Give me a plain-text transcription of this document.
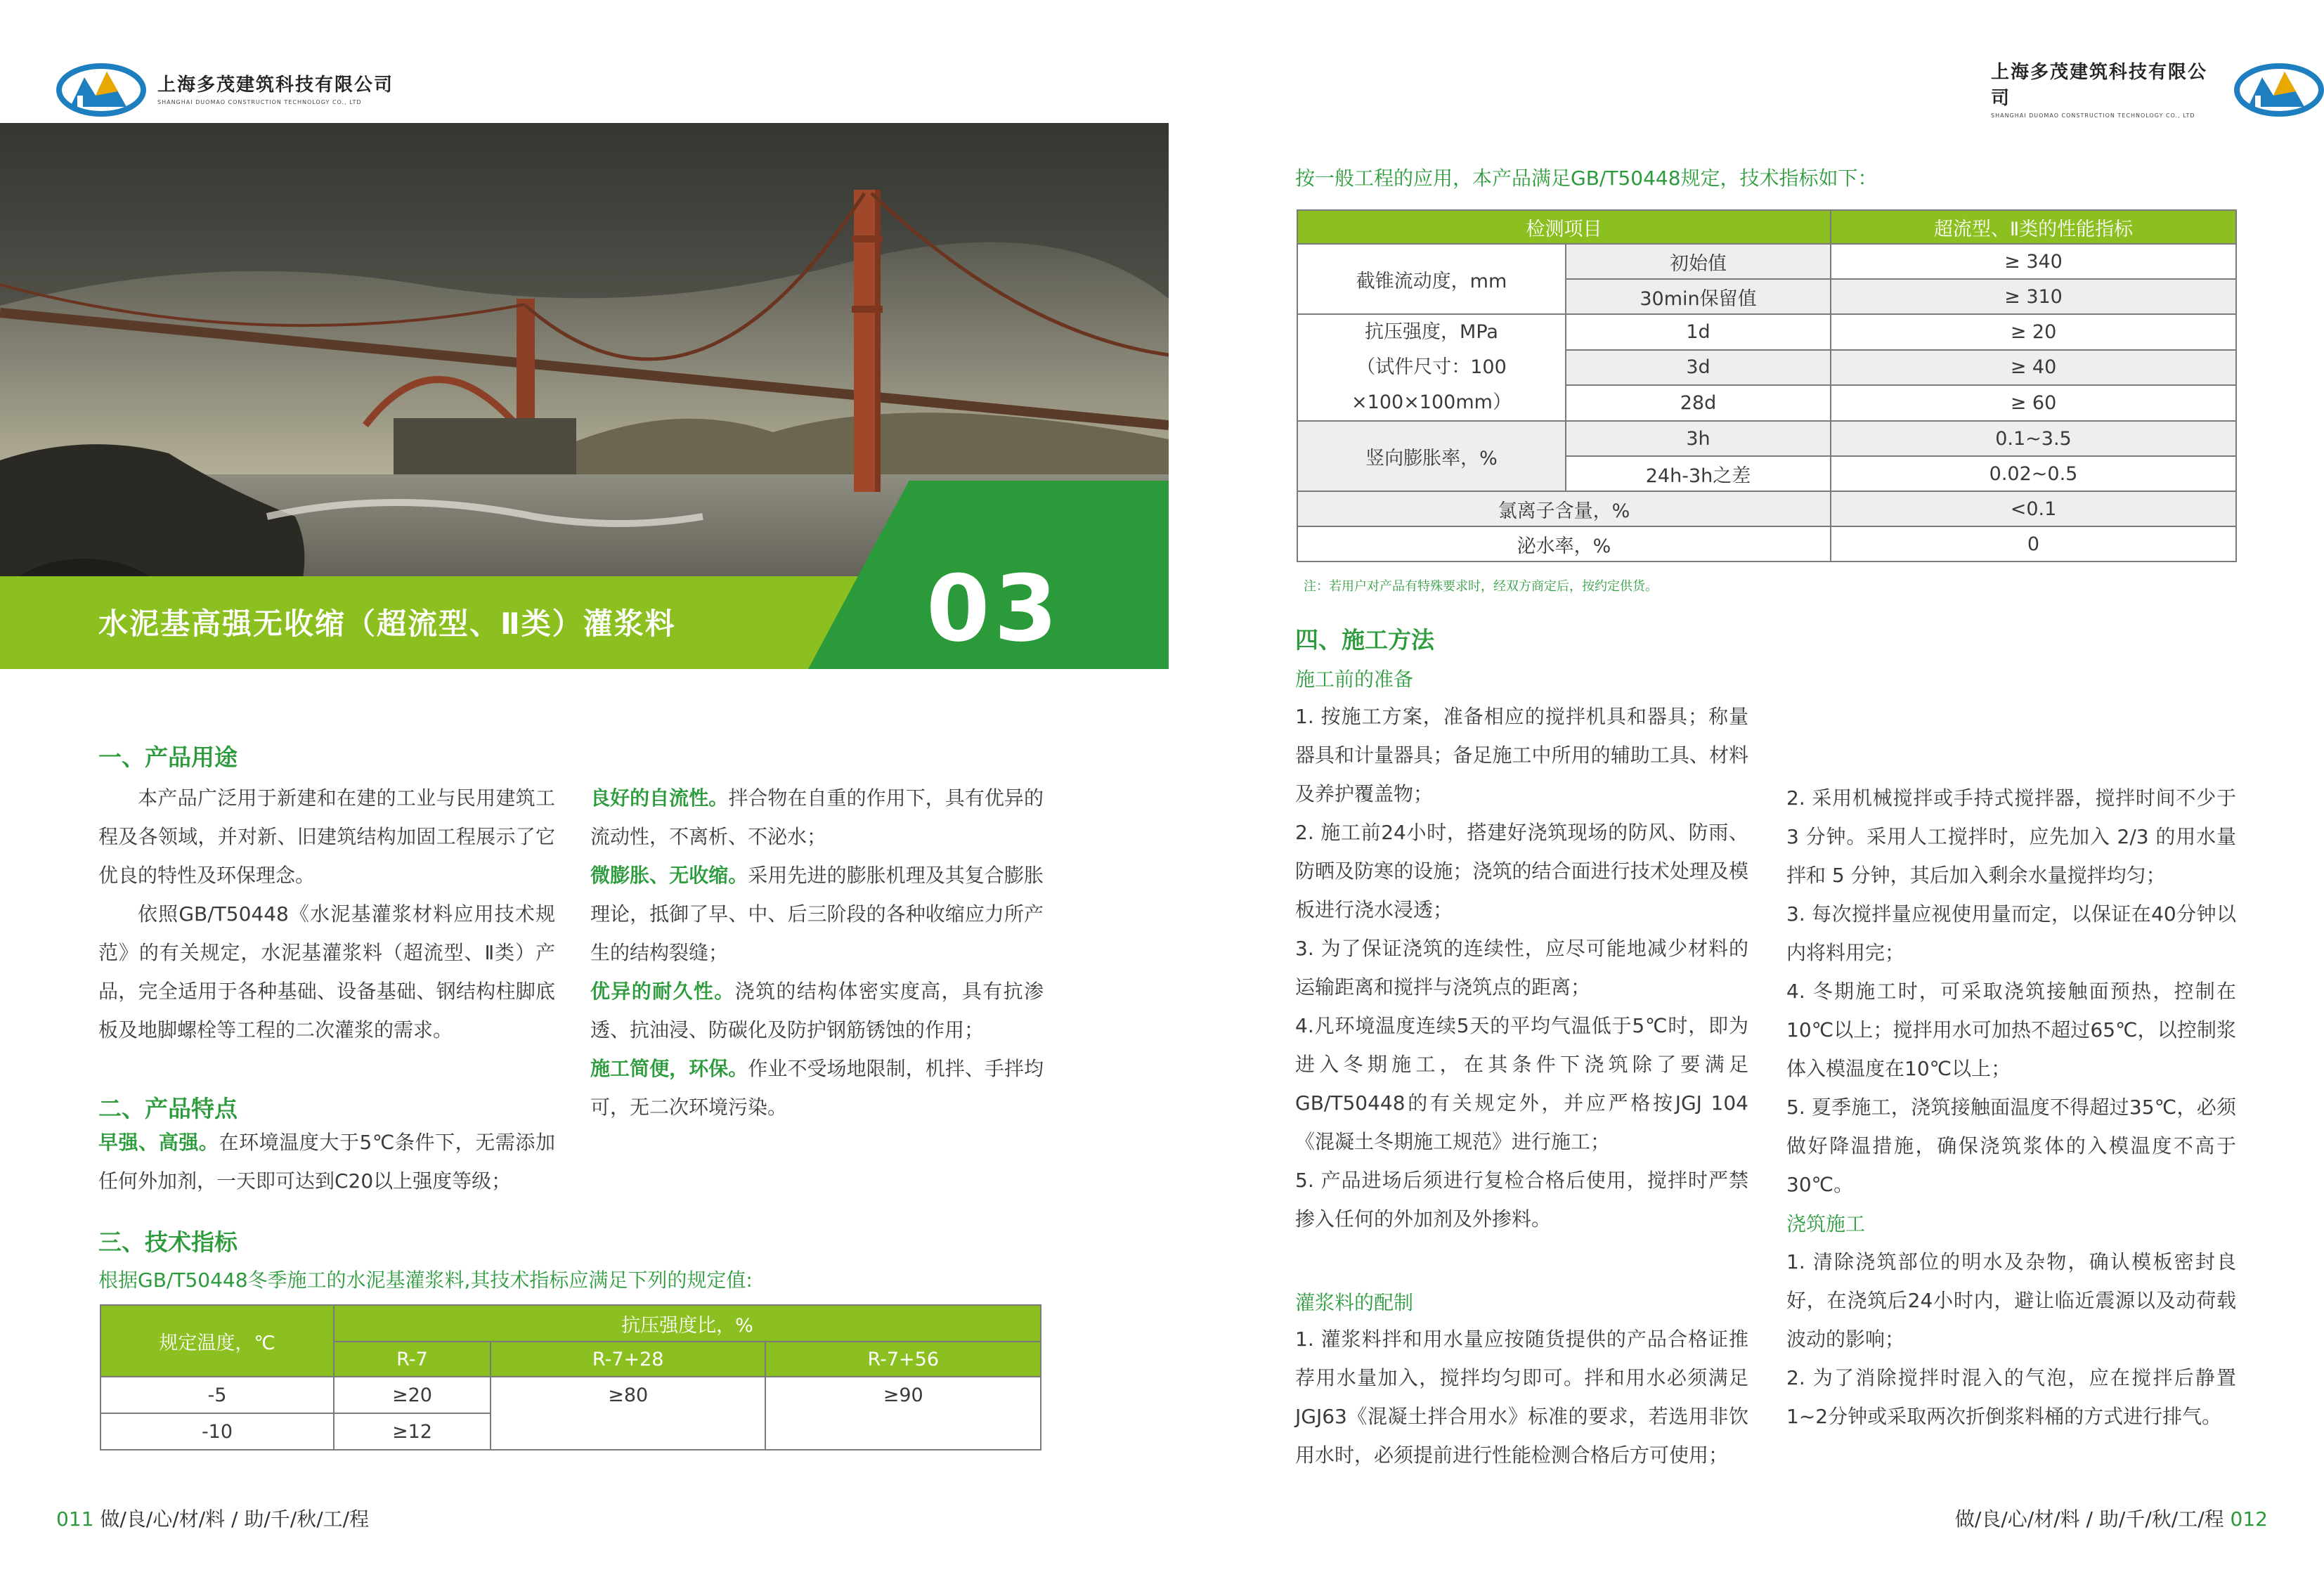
上海多茂建筑科技有限公司
SHANGHAI DUOMAO CONSTRUCTION TECHNOLOGY CO., LTD
水泥基高强无收缩（超流型、Ⅱ类）灌浆料	03
一、产品用途

本产品广泛用于新建和在建的工业与民用建筑工程及各领域，并对新、旧建筑结构加固工程展示了它优良的特性及环保理念。

依照GB/T50448《水泥基灌浆材料应用技术规范》的有关规定，水泥基灌浆料（超流型、Ⅱ类）产品，完全适用于各种基础、设备基础、钢结构柱脚底板及地脚螺栓等工程的二次灌浆的需求。

二、产品特点

早强、高强。在环境温度大于5℃条件下，无需添加任何外加剂，一天即可达到C20以上强度等级；

良好的自流性。拌合物在自重的作用下，具有优异的流动性，不离析、不泌水；

微膨胀、无收缩。采用先进的膨胀机理及其复合膨胀理论，抵御了早、中、后三阶段的各种收缩应力所产生的结构裂缝；

优异的耐久性。浇筑的结构体密实度高，具有抗渗透、抗油浸、防碳化及防护钢筋锈蚀的作用；

施工简便，环保。作业不受场地限制，机拌、手拌均可，无二次环境污染。

三、技术指标
根据GB/T50448冬季施工的水泥基灌浆料,其技术指标应满足下列的规定值:
规定温度，℃	抗压强度比，%		
	R-7	R-7+28	R-7+56
-5	≥20	≥80	≥90
-10	≥12		
011 做/良/心/材/料 / 助/千/秋/工/程
上海多茂建筑科技有限公司
SHANGHAI DUOMAO CONSTRUCTION TECHNOLOGY CO., LTD
按一般工程的应用，本产品满足GB/T50448规定，技术指标如下：
检测项目		超流型、Ⅱ类的性能指标
截锥流动度，mm	初始值	≥ 340
	30min保留值	≥ 310

抗压强度，MPa
（试件尺寸：100
×100×100mm）	1d	≥ 20
	3d	≥ 40
	28d	≥ 60
竖向膨胀率，%	3h	0.1~3.5
	24h-3h之差	0.02~0.5
氯离子含量，%		<0.1
泌水率，%		0
注：若用户对产品有特殊要求时，经双方商定后，按约定供货。
四、施工方法
施工前的准备

1. 按施工方案，准备相应的搅拌机具和器具；称量器具和计量器具；备足施工中所用的辅助工具、材料及养护覆盖物；

2. 施工前24小时，搭建好浇筑现场的防风、防雨、防晒及防寒的设施；浇筑的结合面进行技术处理及模板进行浇水浸透；

3. 为了保证浇筑的连续性，应尽可能地减少材料的运输距离和搅拌与浇筑点的距离；

4.凡环境温度连续5天的平均气温低于5℃时，即为进入冬期施工，在其条件下浇筑除了要满足GB/T50448的有关规定外，并应严格按JGJ 104《混凝土冬期施工规范》进行施工；

5. 产品进场后须进行复检合格后使用，搅拌时严禁掺入任何的外加剂及外掺料。

灌浆料的配制

1. 灌浆料拌和用水量应按随货提供的产品合格证推荐用水量加入，搅拌均匀即可。拌和用水必须满足JGJ63《混凝土拌合用水》标准的要求，若选用非饮用水时，必须提前进行性能检测合格后方可使用；

2. 采用机械搅拌或手持式搅拌器，搅拌时间不少于 3 分钟。采用人工搅拌时，应先加入 2/3 的用水量拌和 5 分钟，其后加入剩余水量搅拌均匀；

3. 每次搅拌量应视使用量而定，以保证在40分钟以内将料用完；

4. 冬期施工时，可采取浇筑接触面预热，控制在10℃以上；搅拌用水可加热不超过65℃，以控制浆体入模温度在10℃以上；

5. 夏季施工，浇筑接触面温度不得超过35℃，必须做好降温措施，确保浇筑浆体的入模温度不高于30℃。

浇筑施工

1. 清除浇筑部位的明水及杂物，确认模板密封良好，在浇筑后24小时内，避让临近震源以及动荷载波动的影响；

2. 为了消除搅拌时混入的气泡，应在搅拌后静置1~2分钟或采取两次折倒浆料桶的方式进行排气。

做/良/心/材/料 / 助/千/秋/工/程 012
